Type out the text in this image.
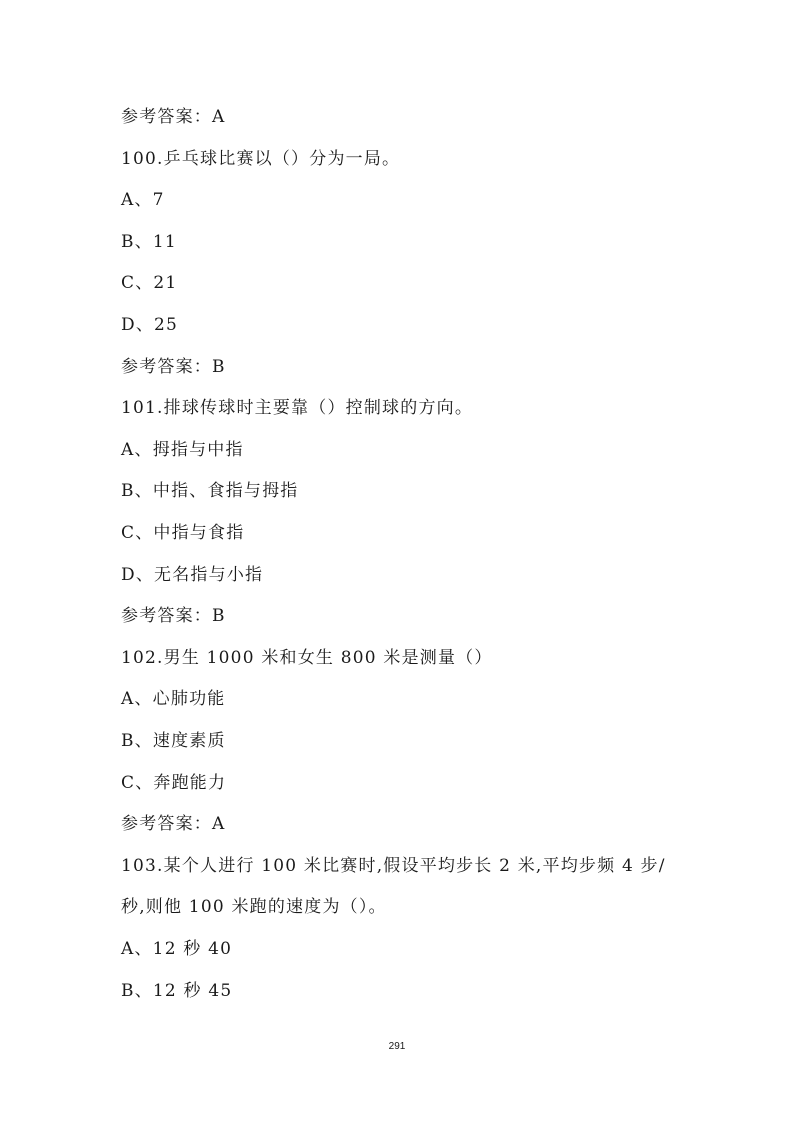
参考答案：A
100.乒乓球比赛以（）分为一局。
A、7
B、11
C、21
D、25
参考答案：B
101.排球传球时主要靠（）控制球的方向。
A、拇指与中指
B、中指、食指与拇指
C、中指与食指
D、无名指与小指
参考答案：B
102.男生 1000 米和女生 800 米是测量（）
A、心肺功能
B、速度素质
C、奔跑能力
参考答案：A
103.某个人进行 100 米比赛时,假设平均步长 2 米,平均步频 4 步/
秒,则他 100 米跑的速度为（）。
A、12 秒 40
B、12 秒 45
291
